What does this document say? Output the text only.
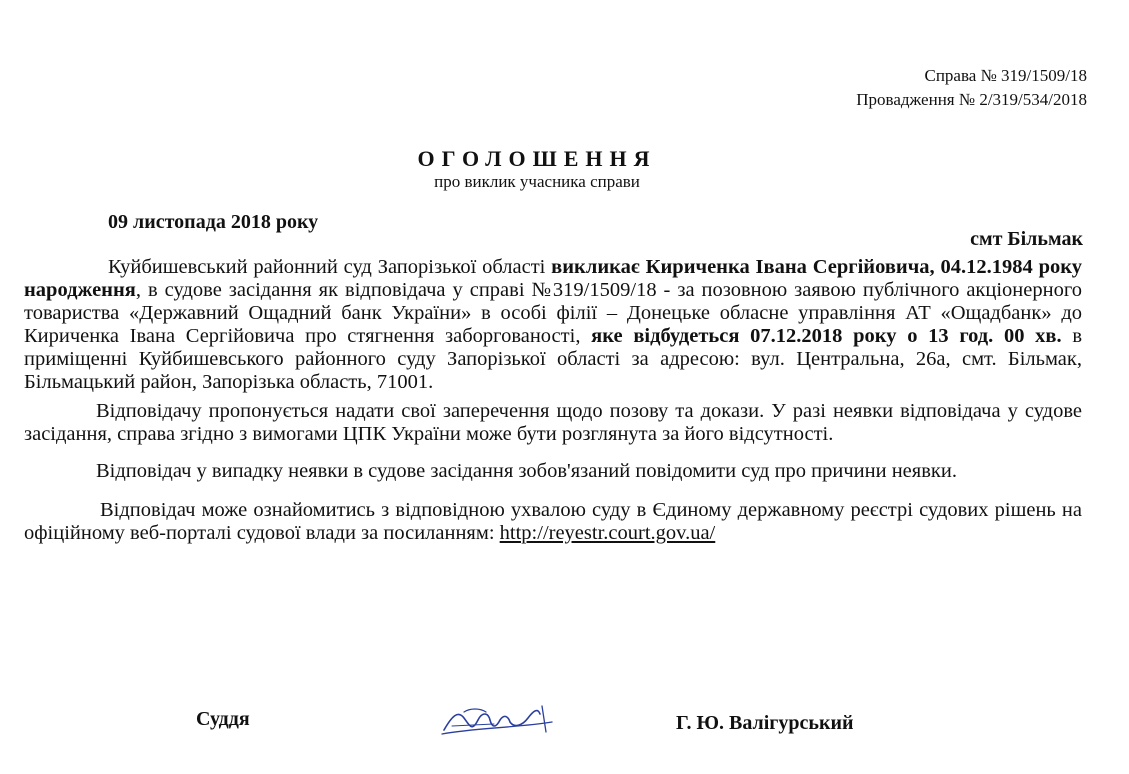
Справа № 319/1509/18
Провадження № 2/319/534/2018
ОГОЛОШЕННЯ
про виклик учасника справи
09 листопада 2018 року
смт Більмак

Куйбишевський районний суд Запорізької області викликає Кириченка Івана Сергійовича, 04.12.1984 року народження, в судове засідання як відповідача у справі №319/1509/18 - за позовною заявою публічного акціонерного товариства «Державний Ощадний банк України» в особі філії – Донецьке обласне управління АТ «Ощадбанк» до Кириченка Івана Сергійовича про стягнення заборгованості, яке відбудеться 07.12.2018 року о 13 год. 00 хв. в приміщенні Куйбишевського районного суду Запорізької області за адресою: вул. Центральна, 26а, смт. Більмак, Більмацький район, Запорізька область, 71001.

Відповідачу пропонується надати свої заперечення щодо позову та докази. У разі неявки відповідача у судове засідання, справа згідно з вимогами ЦПК України може бути розглянута за його відсутності.

Відповідач у випадку неявки в судове засідання зобов'язаний повідомити суд про причини неявки.

Відповідач може ознайомитись з відповідною ухвалою суду в Єдиному державному реєстрі судових рішень на офіційному веб-порталі судової влади за посиланням: http://reyestr.court.gov.ua/

Суддя	Г. Ю. Валігурський
